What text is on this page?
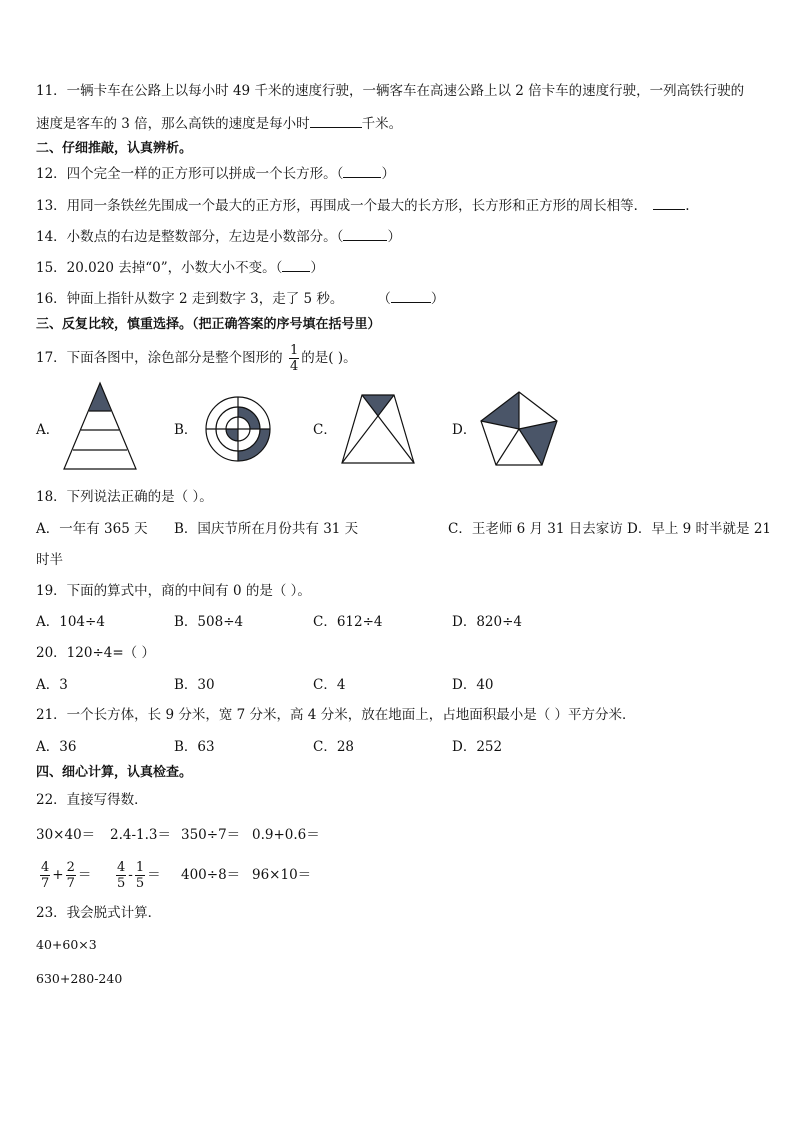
11．一辆卡车在公路上以每小时 49 千米的速度行驶，一辆客车在高速公路上以 2 倍卡车的速度行驶，一列高铁行驶的
速度是客车的 3 倍，那么高铁的速度是每小时	千米。
二、仔细推敲，认真辨析。
12．四个完全一样的正方形可以拼成一个长方形。（	）
13．用同一条铁丝先围成一个最大的正方形，再围成一个最大的长方形，长方形和正方形的周长相等．	.
14．小数点的右边是整数部分，左边是小数部分。（	）
15．20.020 去掉“0”，小数大小不变。（ ）
16．钟面上指针从数字 2 走到数字 3，走了 5 秒。	（	）
三、反复比较，慎重选择。（把正确答案的序号填在括号里）
17．下面各图中，涂色部分是整个图形的 $\frac{1}{4}$ 的是( )。
A．	B．	C．	D．
18．下列说法正确的是（ ）。
A．一年有 365 天 B．国庆节所在月份共有 31 天	C．王老师 6 月 31 日去家访 D．早上 9 时半就是 21
时半
19．下面的算式中，商的中间有 0 的是（ ）。
A．104÷4	B．508÷4	C．612÷4	D．820÷4
20．120÷4=（ ）
A．3	B．30	C．4	D．40
21．一个长方体，长 9 分米，宽 7 分米，高 4 分米，放在地面上，占地面积最小是（ ）平方分米．
A．36	B．63	C．28	D．252
四、细心计算，认真检查。
22．直接写得数．
30×40＝ 2.4-1.3＝ 350÷7＝ 0.9+0.6＝
$\frac{4}{7} + \frac{2}{7} = \frac{4}{5} - \frac{1}{5} = 400\div 8= 96\times 10=$
23．我会脱式计算．
40+60×3
630+280-240
